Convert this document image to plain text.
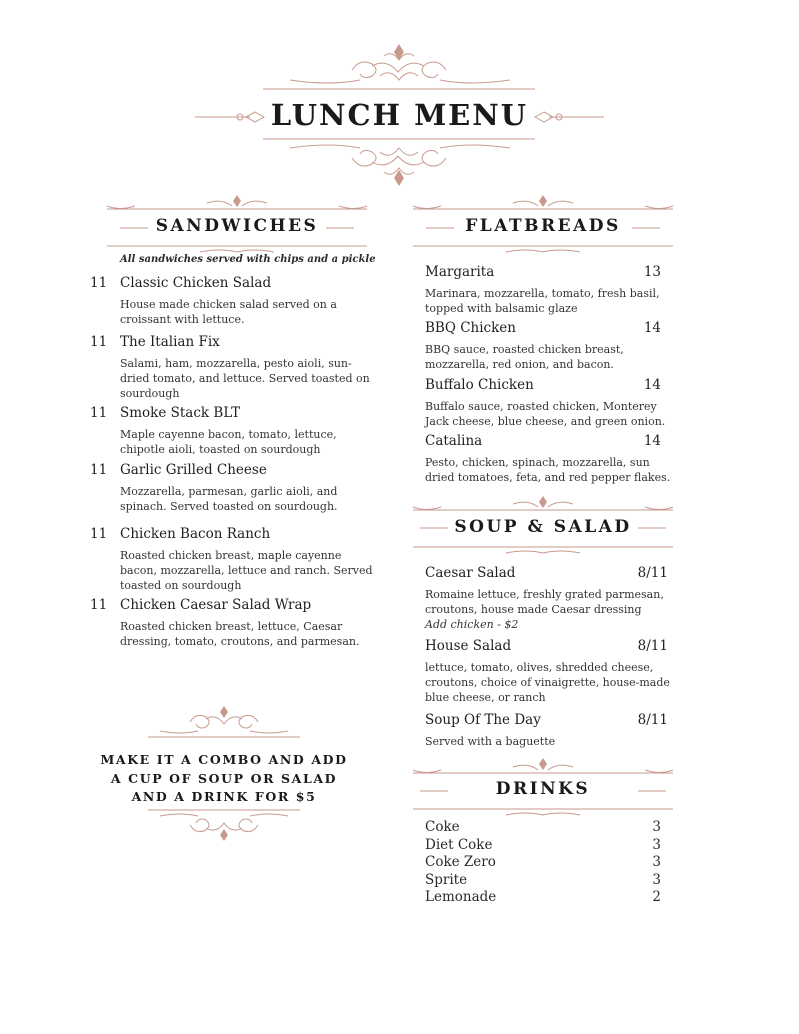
LUNCH MENU
SANDWICHES
All sandwiches served with chips and a pickle
11 Classic Chicken Salad
House made chicken salad served on a
croissant with lettuce.
11 The Italian Fix
Salami, ham, mozzarella, pesto aioli, sun-
dried tomato, and lettuce. Served toasted on
sourdough
11 Smoke Stack BLT
Maple cayenne bacon, tomato, lettuce,
chipotle aioli, toasted on sourdough
11 Garlic Grilled Cheese
Mozzarella, parmesan, garlic aioli, and
spinach. Served toasted on sourdough.
11 Chicken Bacon Ranch
Roasted chicken breast, maple cayenne
bacon, mozzarella, lettuce and ranch. Served
toasted on sourdough
11 Chicken Caesar Salad Wrap
Roasted chicken breast, lettuce, Caesar
dressing, tomato, croutons, and parmesan.
MAKE IT A COMBO AND ADD
A CUP OF SOUP OR SALAD
AND A DRINK FOR $5
FLATBREADS
Margarita	13
Marinara, mozzarella, tomato, fresh basil,
topped with balsamic glaze
BBQ Chicken	14
BBQ sauce, roasted chicken breast,
mozzarella, red onion, and bacon.
Buffalo Chicken	14
Buffalo sauce, roasted chicken, Monterey
Jack cheese, blue cheese, and green onion.
Catalina	14
Pesto, chicken, spinach, mozzarella, sun
dried tomatoes, feta, and red pepper flakes.
SOUP & SALAD
Caesar Salad	8/11
Romaine lettuce, freshly grated parmesan,
croutons, house made Caesar dressing
Add chicken - $2
House Salad	8/11
lettuce, tomato, olives, shredded cheese,
croutons, choice of vinaigrette, house-made
blue cheese, or ranch
Soup Of The Day	8/11
Served with a baguette
DRINKS
Coke	3
Diet Coke	3
Coke Zero	3
Sprite	3
Lemonade	2
